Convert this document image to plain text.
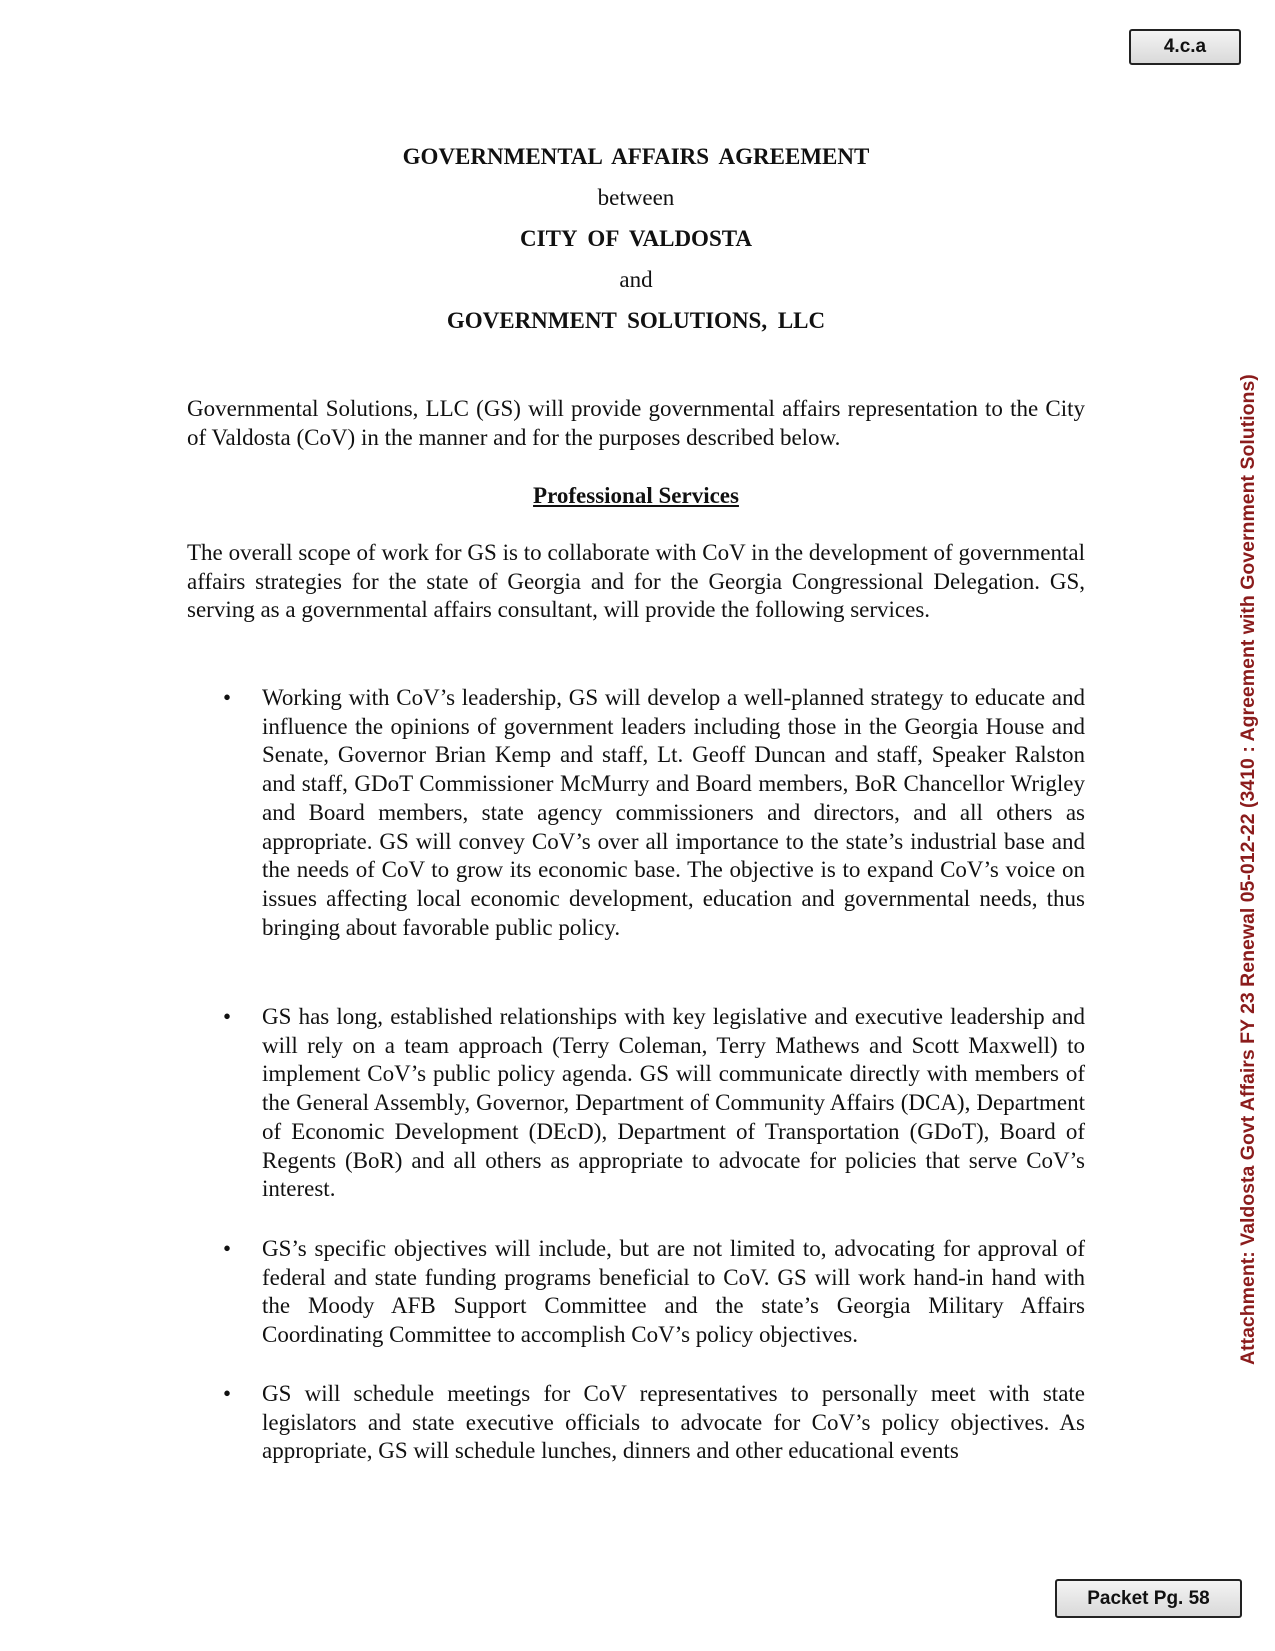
4.c.a
Attachment: Valdosta Govt Affairs FY 23 Renewal 05-012-22 (3410 : Agreement with Government Solutions)
GOVERNMENTAL AFFAIRS AGREEMENT
between
CITY OF VALDOSTA
and
GOVERNMENT SOLUTIONS, LLC

Governmental Solutions, LLC (GS) will provide governmental affairs representation to the City of Valdosta (CoV) in the manner and for the purposes described below.

Professional Services

The overall scope of work for GS is to collaborate with CoV in the development of governmental affairs strategies for the state of Georgia and for the Georgia Congressional Delegation. GS, serving as a governmental affairs consultant, will provide the following services.

• Working with CoV’s leadership, GS will develop a well-planned strategy to educate and influence the opinions of government leaders including those in the Georgia House and Senate, Governor Brian Kemp and staff, Lt. Geoff Duncan and staff, Speaker Ralston and staff, GDoT Commissioner McMurry and Board members, BoR Chancellor Wrigley and Board members, state agency commissioners and directors, and all others as appropriate. GS will convey CoV’s over all importance to the state’s industrial base and the needs of CoV to grow its economic base. The objective is to expand CoV’s voice on issues affecting local economic development, education and governmental needs, thus bringing about favorable public policy.

• GS has long, established relationships with key legislative and executive leadership and will rely on a team approach (Terry Coleman, Terry Mathews and Scott Maxwell) to implement CoV’s public policy agenda. GS will communicate directly with members of the General Assembly, Governor, Department of Community Affairs (DCA), Department of Economic Development (DEcD), Department of Transportation (GDoT), Board of Regents (BoR) and all others as appropriate to advocate for policies that serve CoV’s interest.

• GS’s specific objectives will include, but are not limited to, advocating for approval of federal and state funding programs beneficial to CoV. GS will work hand-in hand with the Moody AFB Support Committee and the state’s Georgia Military Affairs Coordinating Committee to accomplish CoV’s policy objectives.

• GS will schedule meetings for CoV representatives to personally meet with state legislators and state executive officials to advocate for CoV’s policy objectives. As appropriate, GS will schedule lunches, dinners and other educational events

Packet Pg. 58
